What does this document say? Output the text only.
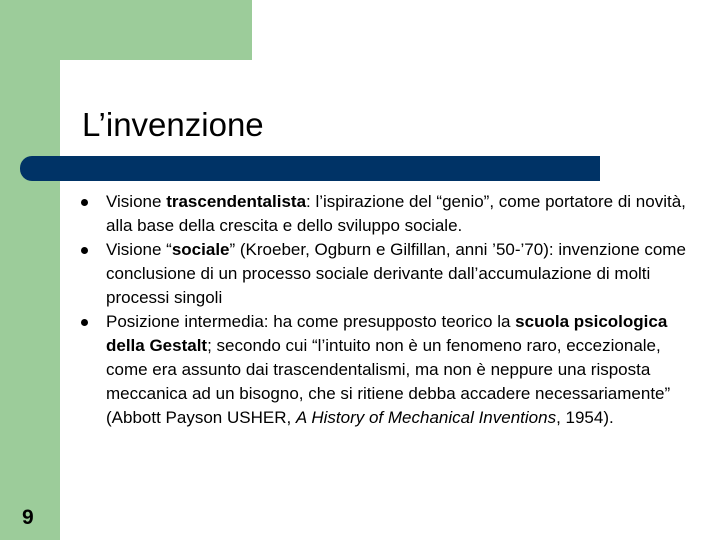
L’invenzione
Visione trascendentalista: l’ispirazione del “genio”, come portatore di novità, alla base della crescita e dello sviluppo sociale.
Visione “sociale” (Kroeber, Ogburn e Gilfillan, anni ’50-’70): invenzione come conclusione di un processo sociale derivante dall’accumulazione di molti processi singoli
Posizione intermedia: ha come presupposto teorico la scuola psicologica della Gestalt; secondo cui “l’intuito non è un fenomeno raro, eccezionale, come era assunto dai trascendentalismi, ma non è neppure una risposta meccanica ad un bisogno, che si ritiene debba accadere necessariamente” (Abbott Payson USHER, A History of Mechanical Inventions, 1954).
9
